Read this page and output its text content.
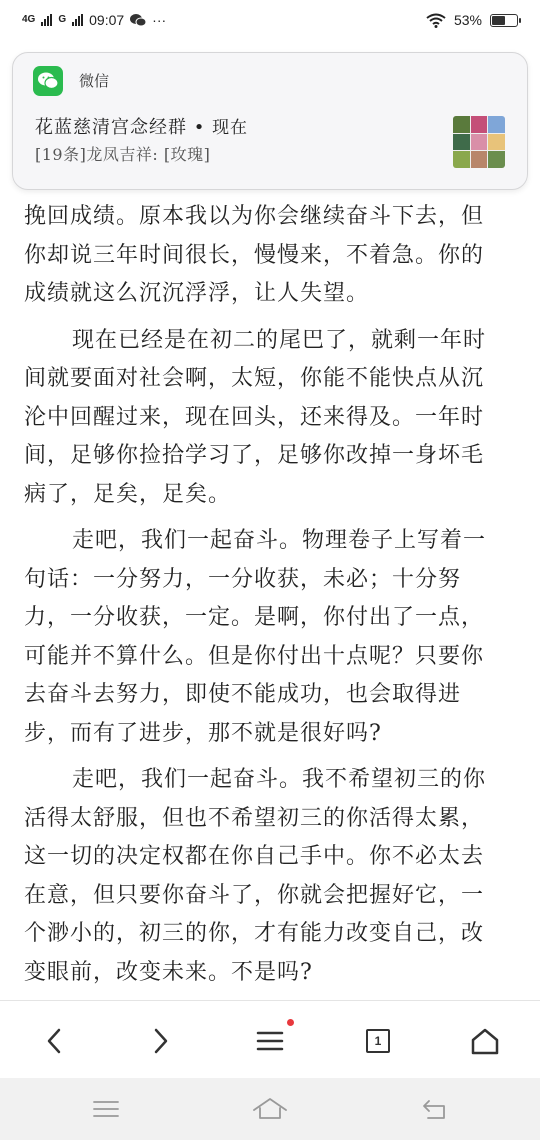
4G G 09:07 ···	53%

挽回成绩。原本我以为你会继续奋斗下去，但你却说三年时间很长，慢慢来，不着急。你的成绩就这么沉沉浮浮，让人失望。

现在已经是在初二的尾巴了，就剩一年时间就要面对社会啊，太短，你能不能快点从沉沦中回醒过来，现在回头，还来得及。一年时间，足够你捡拾学习了，足够你改掉一身坏毛病了，足矣，足矣。

走吧，我们一起奋斗。物理卷子上写着一句话：一分努力，一分收获，未必；十分努力，一分收获，一定。是啊，你付出了一点，可能并不算什么。但是你付出十点呢？只要你去奋斗去努力，即使不能成功，也会取得进步，而有了进步，那不就是很好吗?

走吧，我们一起奋斗。我不希望初三的你活得太舒服，但也不希望初三的你活得太累，这一切的决定权都在你自己手中。你不必太去在意，但只要你奋斗了，你就会把握好它，一个渺小的，初三的你，才有能力改变自己，改变眼前，改变未来。不是吗?

微信
花蓝慈清宫念经群 • 现在
[19条]龙凤吉祥: [玫瑰]
1
